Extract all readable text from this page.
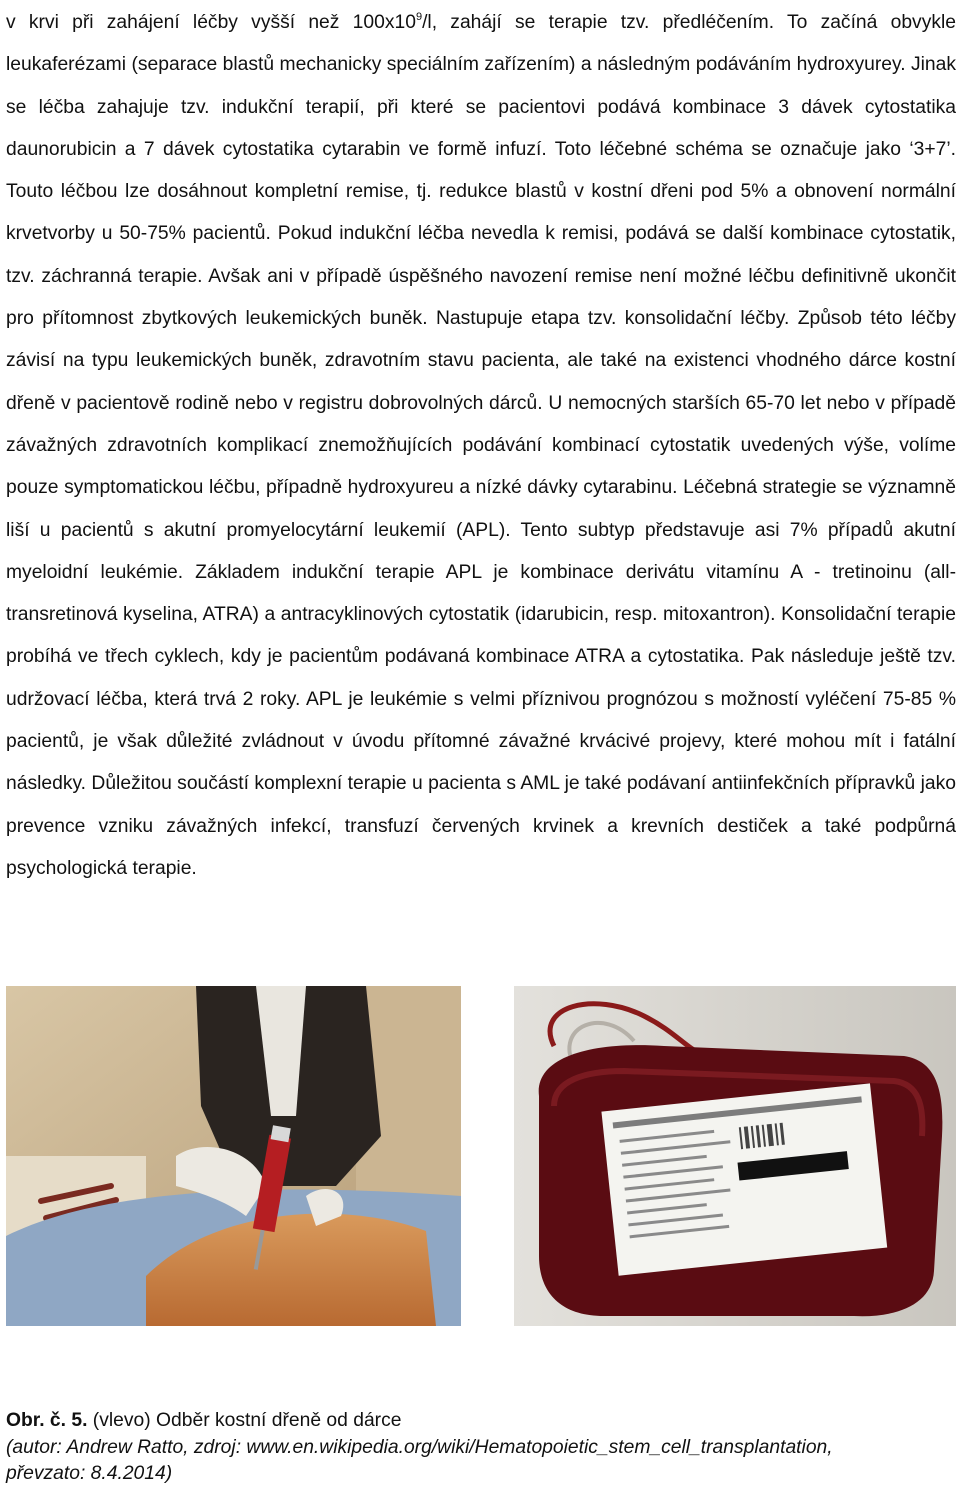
v krvi při zahájení léčby vyšší než $100x10^9/l$, zahájí se terapie tzv. předléčením. To začíná obvykle leukaferézami (separace blastů mechanicky speciálním zařízením) a následným podáváním hydroxyurey. Jinak se léčba zahajuje tzv. indukční terapií, při které se pacientovi podává kombinace 3 dávek cytostatika daunorubicin a 7 dávek cytostatika cytarabin ve formě infuzí. Toto léčebné schéma se označuje jako ‘3+7’. Touto léčbou lze dosáhnout kompletní remise, tj. redukce blastů v kostní dřeni pod 5% a obnovení normální krvetvorby u 50-75% pacientů. Pokud indukční léčba nevedla k remisi, podává se další kombinace cytostatik, tzv. záchranná terapie. Avšak ani v případě úspěšného navození remise není možné léčbu definitivně ukončit pro přítomnost zbytkových leukemických buněk. Nastupuje etapa tzv. konsolidační léčby. Způsob této léčby závisí na typu leukemických buněk, zdravotním stavu pacienta, ale také na existenci vhodného dárce kostní dřeně v pacientově rodině nebo v registru dobrovolných dárců. U nemocných starších 65-70 let nebo v případě závažných zdravotních komplikací znemožňujících podávání kombinací cytostatik uvedených výše, volíme pouze symptomatickou léčbu, případně hydroxyureu a nízké dávky cytarabinu. Léčebná strategie se významně liší u pacientů s akutní promyelocytární leukemií (APL). Tento subtyp představuje asi 7% případů akutní myeloidní leukémie. Základem indukční terapie APL je kombinace derivátu vitamínu A - tretinoinu (all-transretinová kyselina, ATRA) a antracyklinových cytostatik (idarubicin, resp. mitoxantron). Konsolidační terapie probíhá ve třech cyklech, kdy je pacientům podávaná kombinace ATRA a cytostatika. Pak následuje ještě tzv. udržovací léčba, která trvá 2 roky. APL je leukémie s velmi příznivou prognózou s možností vyléčení 75-85 % pacientů, je však důležité zvládnout v úvodu přítomné závažné krvácivé projevy, které mohou mít i fatální následky. Důležitou součástí komplexní terapie u pacienta s AML je také podávaní antiinfekčních přípravků jako prevence vzniku závažných infekcí, transfuzí červených krvinek a krevních destiček a také podpůrná psychologická terapie.

Obr. č. 5. (vlevo) Odběr kostní dřeně od dárce
(autor: Andrew Ratto, zdroj: www.en.wikipedia.org/wiki/Hematopoietic_stem_cell_transplantation,
převzato: 8.4.2014)
